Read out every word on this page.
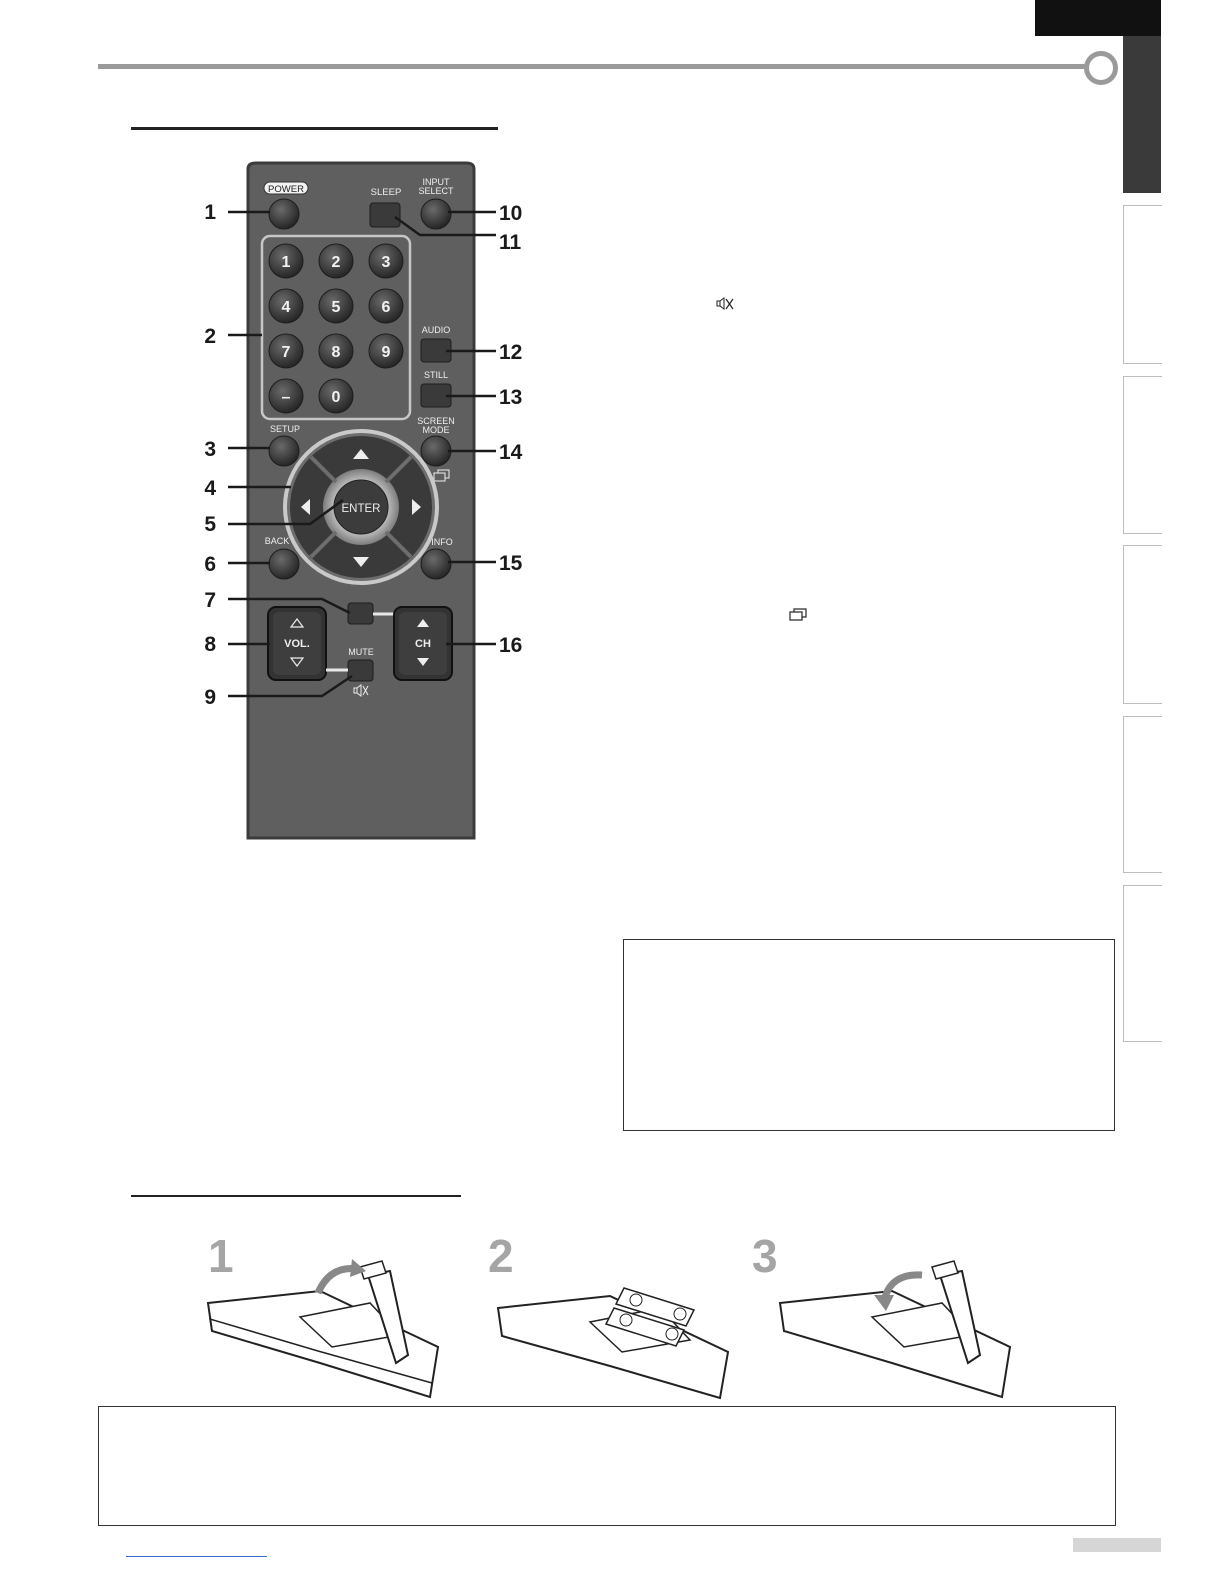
POWER	SLEEP
INPUT
SELECT
1	2	3
4	5	6
7	8	9
–	0
AUDIO
STILL
SETUP
SCREEN
MODE
ENTER
BACK	INFO
VOL.	CH
MUTE
1
2
3
4
5
6
7
8
9
10
11
12
13
14
15
16
1	2	3
